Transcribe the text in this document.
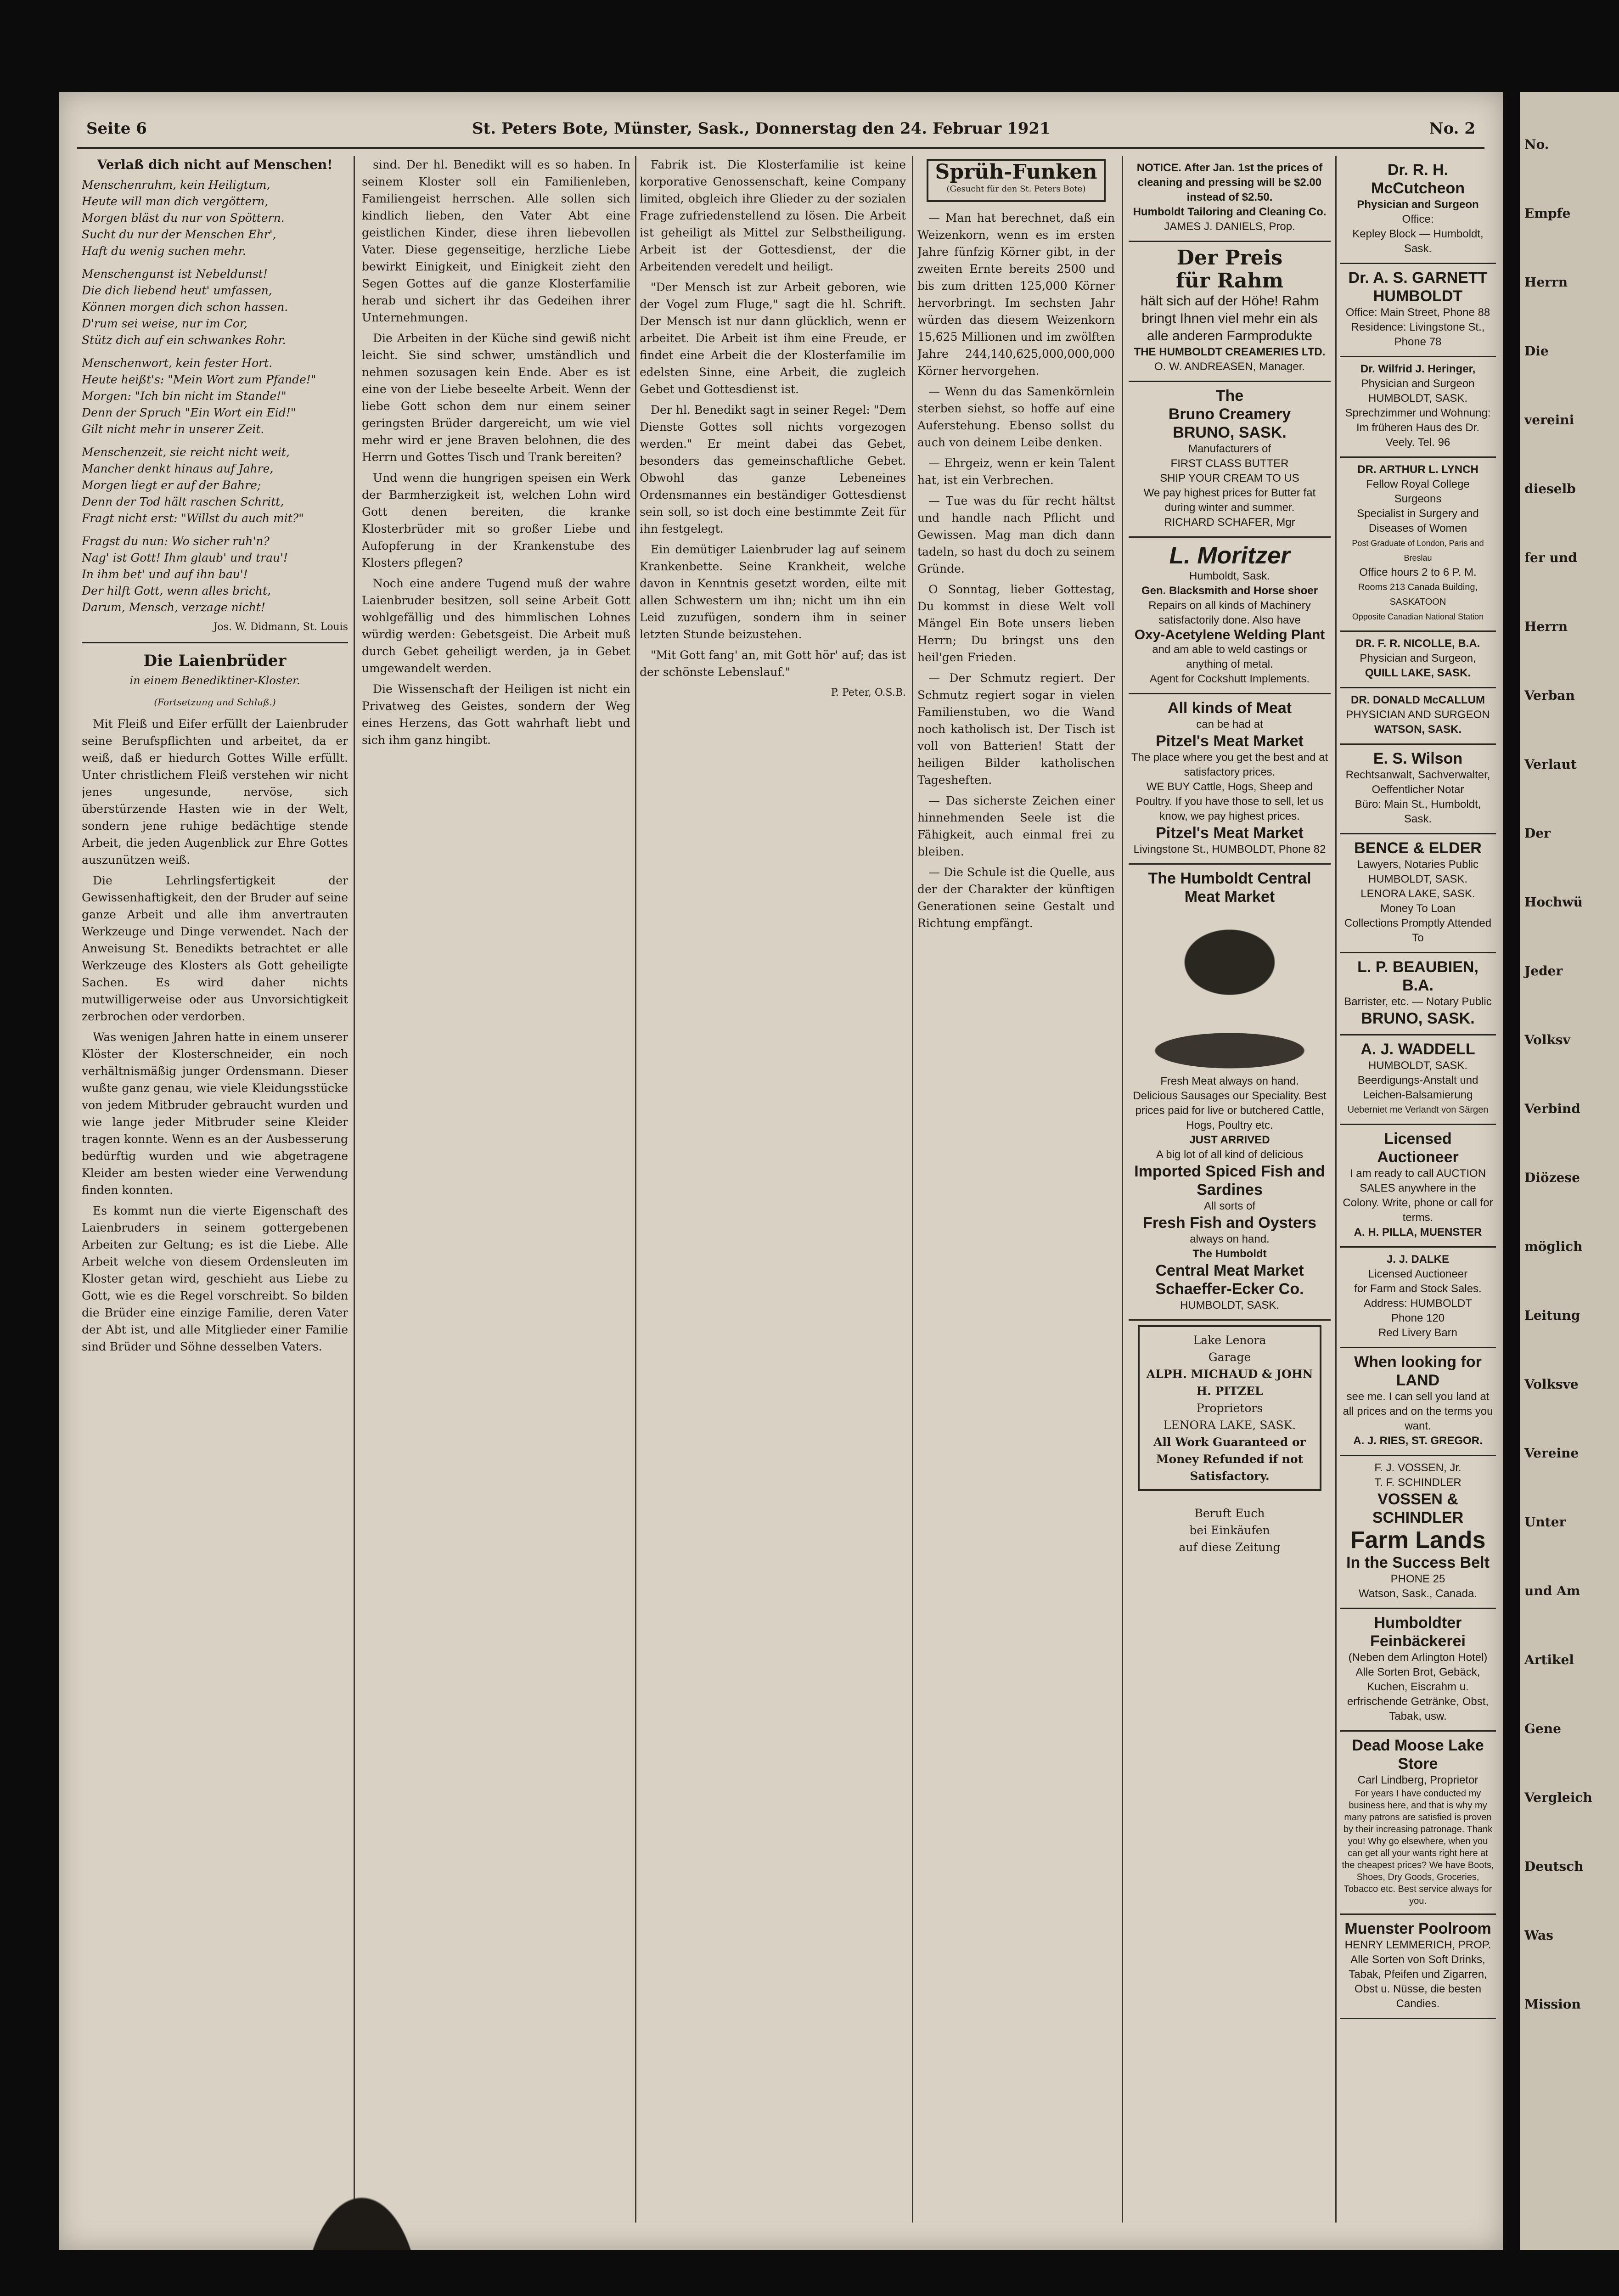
Seite 6	St. Peters Bote, Münster, Sask., Donnerstag den 24. Februar 1921	No. 2
Verlaß dich nicht auf Menschen!
Menschenruhm, kein Heiligtum,
Heute will man dich vergöttern,
Morgen bläst du nur von Spöttern.
Sucht du nur der Menschen Ehr',
Haft du wenig suchen mehr.
Menschengunst ist Nebeldunst!
Die dich liebend heut' umfassen,
Können morgen dich schon hassen.
D'rum sei weise, nur im Cor,
Stütz dich auf ein schwankes Rohr.
Menschenwort, kein fester Hort.
Heute heißt's: "Mein Wort zum Pfande!"
Morgen: "Ich bin nicht im Stande!"
Denn der Spruch "Ein Wort ein Eid!"
Gilt nicht mehr in unserer Zeit.
Menschenzeit, sie reicht nicht weit,
Mancher denkt hinaus auf Jahre,
Morgen liegt er auf der Bahre;
Denn der Tod hält raschen Schritt,
Fragt nicht erst: "Willst du auch mit?"
Fragst du nun: Wo sicher ruh'n?
Nag' ist Gott! Ihm glaub' und trau'!
In ihm bet' und auf ihn bau'!
Der hilft Gott, wenn alles bricht,
Darum, Mensch, verzage nicht!
Jos. W. Didmann, St. Louis
Die Laienbrüder
in einem Benediktiner-Kloster.
(Fortsetzung und Schluß.)

Mit Fleiß und Eifer erfüllt der Laienbruder seine Berufspflichten und arbeitet, da er weiß, daß er hiedurch Gottes Wille erfüllt. Unter christlichem Fleiß verstehen wir nicht jenes ungesunde, nervöse, sich überstürzende Hasten wie in der Welt, sondern jene ruhige bedächtige stende Arbeit, die jeden Augenblick zur Ehre Gottes auszunützen weiß.

Die Lehrlingsfertigkeit der Gewissenhaftigkeit, den der Bruder auf seine ganze Arbeit und alle ihm anvertrauten Werkzeuge und Dinge verwendet. Nach der Anweisung St. Benedikts betrachtet er alle Werkzeuge des Klosters als Gott geheiligte Sachen. Es wird daher nichts mutwilligerweise oder aus Unvorsichtigkeit zerbrochen oder verdorben.

Was wenigen Jahren hatte in einem unserer Klöster der Klosterschneider, ein noch verhältnismäßig junger Ordensmann. Dieser wußte ganz genau, wie viele Kleidungsstücke von jedem Mitbruder gebraucht wurden und wie lange jeder Mitbruder seine Kleider tragen konnte. Wenn es an der Ausbesserung bedürftig wurden und wie abgetragene Kleider am besten wieder eine Verwendung finden konnten.

Es kommt nun die vierte Eigenschaft des Laienbruders in seinem gottergebenen Arbeiten zur Geltung; es ist die Liebe. Alle Arbeit welche von diesem Ordensleuten im Kloster getan wird, geschieht aus Liebe zu Gott, wie es die Regel vorschreibt. So bilden die Brüder eine einzige Familie, deren Vater der Abt ist, und alle Mitglieder einer Familie sind Brüder und Söhne desselben Vaters.

sind. Der hl. Benedikt will es so haben. In seinem Kloster soll ein Familienleben, Familiengeist herrschen. Alle sollen sich kindlich lieben, den Vater Abt eine geistlichen Kinder, diese ihren liebevollen Vater. Diese gegenseitige, herzliche Liebe bewirkt Einigkeit, und Einigkeit zieht den Segen Gottes auf die ganze Klosterfamilie herab und sichert ihr das Gedeihen ihrer Unternehmungen.

Die Arbeiten in der Küche sind gewiß nicht leicht. Sie sind schwer, umständlich und nehmen sozusagen kein Ende. Aber es ist eine von der Liebe beseelte Arbeit. Wenn der liebe Gott schon dem nur einem seiner geringsten Brüder dargereicht, um wie viel mehr wird er jene Braven belohnen, die des Herrn und Gottes Tisch und Trank bereiten?

Und wenn die hungrigen speisen ein Werk der Barmherzigkeit ist, welchen Lohn wird Gott denen bereiten, die kranke Klosterbrüder mit so großer Liebe und Aufopferung in der Krankenstube des Klosters pflegen?

Noch eine andere Tugend muß der wahre Laienbruder besitzen, soll seine Arbeit Gott wohlgefällig und des himmlischen Lohnes würdig werden: Gebetsgeist. Die Arbeit muß durch Gebet geheiligt werden, ja in Gebet umgewandelt werden.

Die Wissenschaft der Heiligen ist nicht ein Privatweg des Geistes, sondern der Weg eines Herzens, das Gott wahrhaft liebt und sich ihm ganz hingibt.

Fabrik ist. Die Klosterfamilie ist keine korporative Genossenschaft, keine Company limited, obgleich ihre Glieder zu der sozialen Frage zufriedenstellend zu lösen. Die Arbeit ist geheiligt als Mittel zur Selbstheiligung. Arbeit ist der Gottesdienst, der die Arbeitenden veredelt und heiligt.

"Der Mensch ist zur Arbeit geboren, wie der Vogel zum Fluge," sagt die hl. Schrift. Der Mensch ist nur dann glücklich, wenn er arbeitet. Die Arbeit ist ihm eine Freude, er findet eine Arbeit die der Klosterfamilie im edelsten Sinne, eine Arbeit, die zugleich Gebet und Gottesdienst ist.

Der hl. Benedikt sagt in seiner Regel: "Dem Dienste Gottes soll nichts vorgezogen werden." Er meint dabei das Gebet, besonders das gemeinschaftliche Gebet. Obwohl das ganze Lebeneines Ordensmannes ein beständiger Gottesdienst sein soll, so ist doch eine bestimmte Zeit für ihn festgelegt.

Ein demütiger Laienbruder lag auf seinem Krankenbette. Seine Krankheit, welche davon in Kenntnis gesetzt worden, eilte mit allen Schwestern um ihn; nicht um ihn ein Leid zuzufügen, sondern ihm in seiner letzten Stunde beizustehen.

"Mit Gott fang' an, mit Gott hör' auf; das ist der schönste Lebenslauf."

P. Peter, O.S.B.
Sprüh-Funken
(Gesucht für den St. Peters Bote)

— Man hat berechnet, daß ein Weizenkorn, wenn es im ersten Jahre fünfzig Körner gibt, in der zweiten Ernte bereits 2500 und bis zum dritten 125,000 Körner hervorbringt. Im sechsten Jahr würden das diesem Weizenkorn 15,625 Millionen und im zwölften Jahre 244,140,625,000,000,000 Körner hervorgehen.

— Wenn du das Samenkörnlein sterben siehst, so hoffe auf eine Auferstehung. Ebenso sollst du auch von deinem Leibe denken.

— Ehrgeiz, wenn er kein Talent hat, ist ein Verbrechen.

— Tue was du für recht hältst und handle nach Pflicht und Gewissen. Mag man dich dann tadeln, so hast du doch zu seinem Gründe.

O Sonntag, lieber Gottestag, Du kommst in diese Welt voll Mängel Ein Bote unsers lieben Herrn; Du bringst uns den heil'gen Frieden.

— Der Schmutz regiert. Der Schmutz regiert sogar in vielen Familienstuben, wo die Wand noch katholisch ist. Der Tisch ist voll von Batterien! Statt der heiligen Bilder katholischen Tagesheften.

— Das sicherste Zeichen einer hinnehmenden Seele ist die Fähigkeit, auch einmal frei zu bleiben.

— Die Schule ist die Quelle, aus der der Charakter der künftigen Generationen seine Gestalt und Richtung empfängt.

NOTICE. After Jan. 1st the prices of cleaning and pressing will be $2.00 instead of $2.50.
Humboldt Tailoring and Cleaning Co.
JAMES J. DANIELS, Prop.
Der Preis
für Rahm
hält sich auf der Höhe! Rahm bringt Ihnen viel mehr ein als alle anderen Farmprodukte
THE HUMBOLDT CREAMERIES LTD.
O. W. ANDREASEN, Manager.
The
Bruno Creamery
BRUNO, SASK.
Manufacturers of
FIRST CLASS BUTTER
SHIP YOUR CREAM TO US
We pay highest prices for Butter fat during winter and summer.
RICHARD SCHAFER, Mgr
L. Moritzer
Humboldt, Sask.
Gen. Blacksmith and Horse shoer
Repairs on all kinds of Machinery satisfactorily done. Also have
Oxy-Acetylene Welding Plant
and am able to weld castings or anything of metal.
Agent for Cockshutt Implements.
All kinds of Meat
can be had at
Pitzel's Meat Market
The place where you get the best and at satisfactory prices.
WE BUY Cattle, Hogs, Sheep and Poultry. If you have those to sell, let us know, we pay highest prices.
Pitzel's Meat Market
Livingstone St., HUMBOLDT, Phone 82
The Humboldt Central Meat Market
Fresh Meat always on hand.
Delicious Sausages our Speciality. Best prices paid for live or butchered Cattle, Hogs, Poultry etc.
JUST ARRIVED
A big lot of all kind of delicious
Imported Spiced Fish and Sardines
All sorts of
Fresh Fish and Oysters
always on hand.
The Humboldt
Central Meat Market
Schaeffer-Ecker Co.
HUMBOLDT, SASK.
Lake Lenora
Garage
ALPH. MICHAUD & JOHN H. PITZEL
Proprietors
LENORA LAKE, SASK.
All Work Guaranteed or Money Refunded if not Satisfactory.
Beruft Euch
bei Einkäufen
auf diese Zeitung
Dr. R. H. McCutcheon
Physician and Surgeon
Office:
Kepley Block — Humboldt, Sask.
Dr. A. S. GARNETT
HUMBOLDT
Office: Main Street, Phone 88
Residence: Livingstone St., Phone 78
Dr. Wilfrid J. Heringer,
Physician and Surgeon
HUMBOLDT, SASK.
Sprechzimmer und Wohnung: Im früheren Haus des Dr. Veely. Tel. 96
DR. ARTHUR L. LYNCH
Fellow Royal College Surgeons
Specialist in Surgery and Diseases of Women
Post Graduate of London, Paris and Breslau
Office hours 2 to 6 P. M.
Rooms 213 Canada Building, SASKATOON
Opposite Canadian National Station
DR. F. R. NICOLLE, B.A.
Physician and Surgeon,
QUILL LAKE, SASK.
DR. DONALD McCALLUM
PHYSICIAN AND SURGEON
WATSON, SASK.
E. S. Wilson
Rechtsanwalt, Sachverwalter,
Oeffentlicher Notar
Büro: Main St., Humboldt, Sask.
BENCE & ELDER
Lawyers, Notaries Public
HUMBOLDT, SASK.
LENORA LAKE, SASK.
Money To Loan
Collections Promptly Attended To
L. P. BEAUBIEN, B.A.
Barrister, etc. — Notary Public
BRUNO, SASK.
A. J. WADDELL
HUMBOLDT, SASK.
Beerdigungs-Anstalt und Leichen-Balsamierung
Ueberniet me Verlandt von Särgen
Licensed Auctioneer
I am ready to call AUCTION SALES anywhere in the Colony. Write, phone or call for terms.
A. H. PILLA, MUENSTER
J. J. DALKE
Licensed Auctioneer
for Farm and Stock Sales.
Address: HUMBOLDT
Phone 120
Red Livery Barn
When looking for LAND
see me. I can sell you land at all prices and on the terms you want.
A. J. RIES, ST. GREGOR.
F. J. VOSSEN, Jr.
T. F. SCHINDLER
VOSSEN & SCHINDLER
Farm Lands
In the Success Belt
PHONE 25
Watson, Sask., Canada.
Humboldter Feinbäckerei
(Neben dem Arlington Hotel)
Alle Sorten Brot, Gebäck, Kuchen, Eiscrahm u. erfrischende Getränke, Obst, Tabak, usw.
Dead Moose Lake Store
Carl Lindberg, Proprietor
For years I have conducted my business here, and that is why my many patrons are satisfied is proven by their increasing patronage. Thank you! Why go elsewhere, when you can get all your wants right here at the cheapest prices? We have Boots, Shoes, Dry Goods, Groceries, Tobacco etc. Best service always for you.
Muenster Poolroom
HENRY LEMMERICH, PROP.
Alle Sorten von Soft Drinks, Tabak, Pfeifen und Zigarren, Obst u. Nüsse, die besten Candies.
No.
Empfe
Herrn
Die
vereini
dieselb
fer und
Herrn
Verban
Verlaut
Der
Hochwü
Jeder
Volksv
Verbind
Diözese
möglich
Leitung
Volksve
Vereine
Unter
und Am
Artikel
Gene
Vergleich
Deutsch
Was
Mission
